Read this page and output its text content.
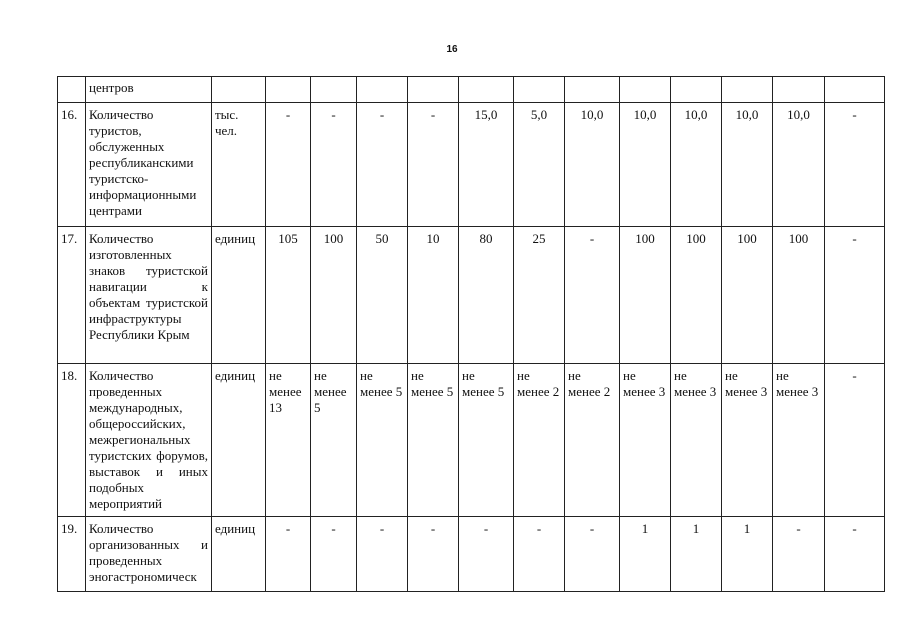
16
	центров													
16.	Количество туристов, обслуженных республиканскими туристско-информационными центрами	тыс. чел.	-	-	-	-	15,0	5,0	10,0	10,0	10,0	10,0	10,0	-
17.	Количество изготовленных знаков туристской навигации к объектам туристской инфраструктуры Республики Крым	единиц	105	100	50	10	80	25	-	100	100	100	100	-
18.	Количество проведенных международных, общероссийских, межрегиональных туристских форумов, выставок и иных подобных мероприятий	единиц	не менее 13	не менее 5	не менее 5	не менее 5	не менее 5	не менее 2	не менее 2	не менее 3	не менее 3	не менее 3	не менее 3	-
19.	Количество организованных и проведенных эногастрономическ	единиц	-	-	-	-	-	-	-	1	1	1	-	-
